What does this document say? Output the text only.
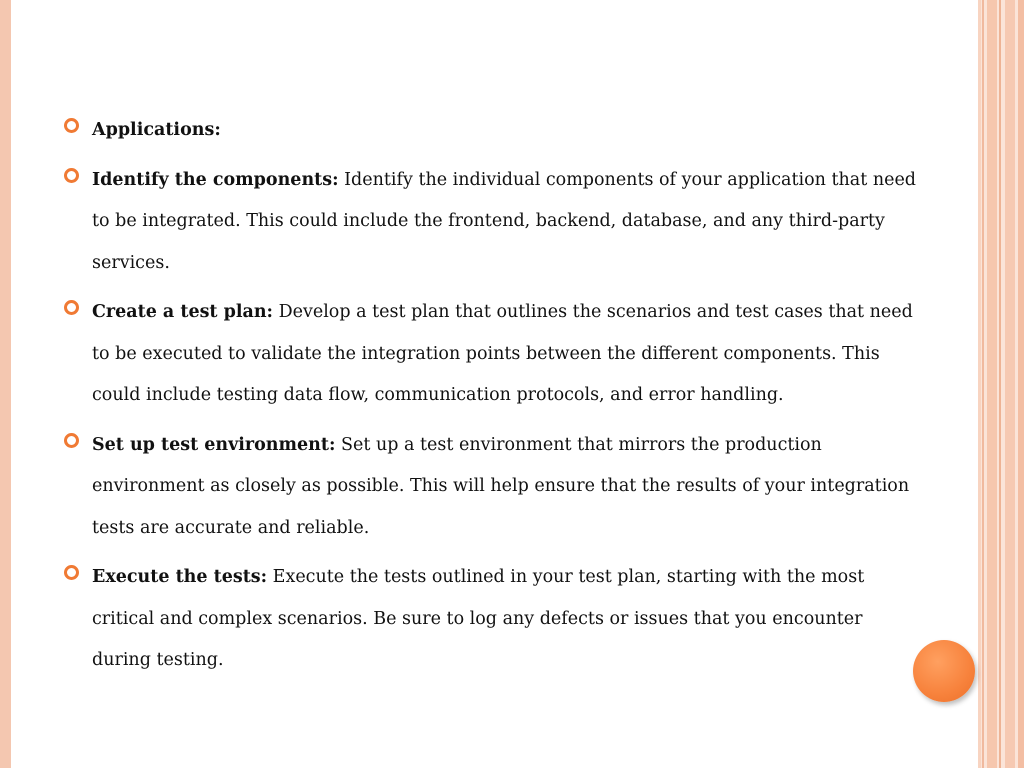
Applications:
Identify the components: Identify the individual components of your application that need to be integrated. This could include the frontend, backend, database, and any third-party services.
Create a test plan: Develop a test plan that outlines the scenarios and test cases that need to be executed to validate the integration points between the different components. This could include testing data flow, communication protocols, and error handling.
Set up test environment: Set up a test environment that mirrors the production environment as closely as possible. This will help ensure that the results of your integration tests are accurate and reliable.
Execute the tests: Execute the tests outlined in your test plan, starting with the most critical and complex scenarios. Be sure to log any defects or issues that you encounter during testing.
